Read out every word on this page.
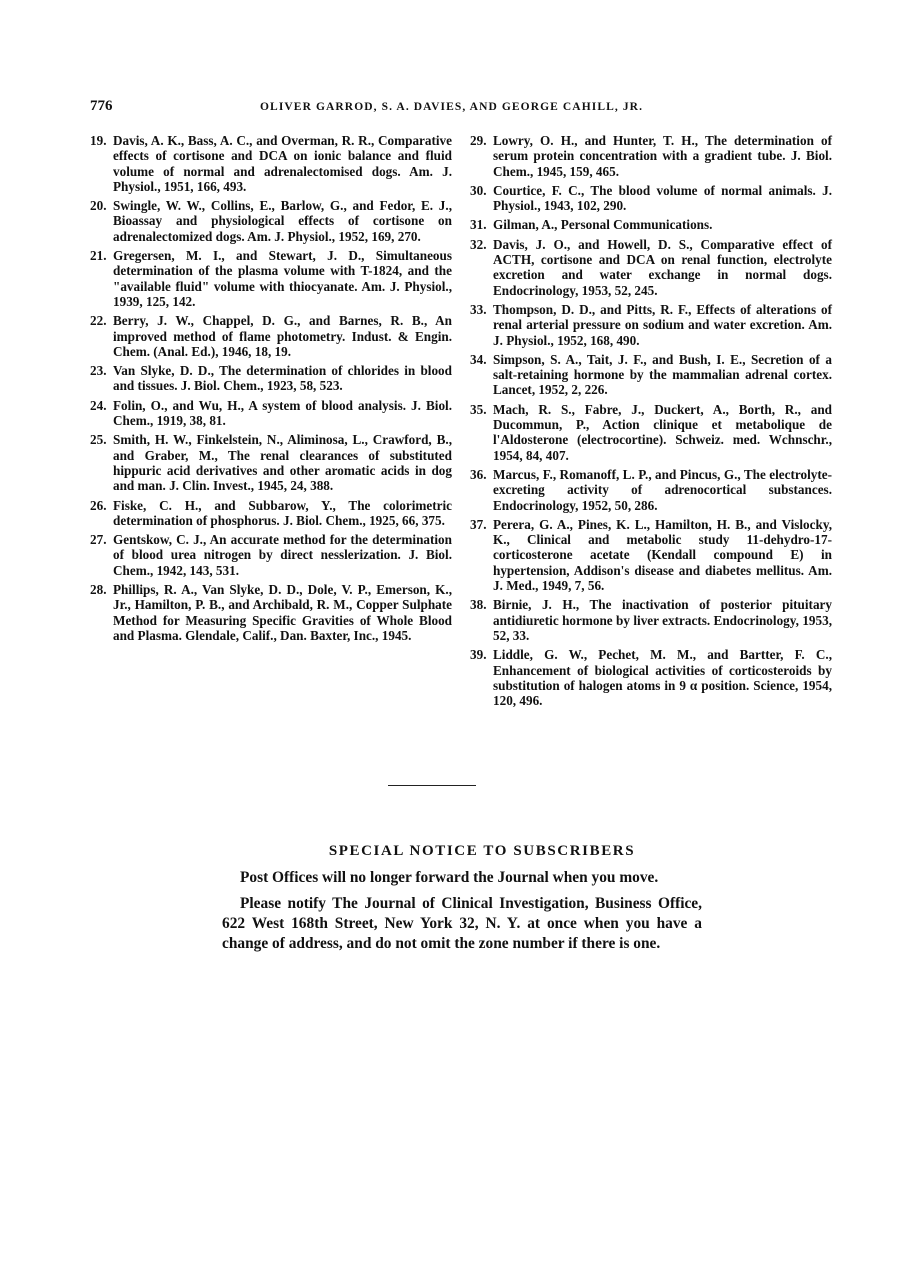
776	OLIVER GARROD, S. A. DAVIES, AND GEORGE CAHILL, JR.
19. Davis, A. K., Bass, A. C., and Overman, R. R., Comparative effects of cortisone and DCA on ionic balance and fluid volume of normal and adrenalectomised dogs. Am. J. Physiol., 1951, 166, 493.
20. Swingle, W. W., Collins, E., Barlow, G., and Fedor, E. J., Bioassay and physiological effects of cortisone on adrenalectomized dogs. Am. J. Physiol., 1952, 169, 270.
21. Gregersen, M. I., and Stewart, J. D., Simultaneous determination of the plasma volume with T-1824, and the "available fluid" volume with thiocyanate. Am. J. Physiol., 1939, 125, 142.
22. Berry, J. W., Chappel, D. G., and Barnes, R. B., An improved method of flame photometry. Indust. & Engin. Chem. (Anal. Ed.), 1946, 18, 19.
23. Van Slyke, D. D., The determination of chlorides in blood and tissues. J. Biol. Chem., 1923, 58, 523.
24. Folin, O., and Wu, H., A system of blood analysis. J. Biol. Chem., 1919, 38, 81.
25. Smith, H. W., Finkelstein, N., Aliminosa, L., Crawford, B., and Graber, M., The renal clearances of substituted hippuric acid derivatives and other aromatic acids in dog and man. J. Clin. Invest., 1945, 24, 388.
26. Fiske, C. H., and Subbarow, Y., The colorimetric determination of phosphorus. J. Biol. Chem., 1925, 66, 375.
27. Gentskow, C. J., An accurate method for the determination of blood urea nitrogen by direct nesslerization. J. Biol. Chem., 1942, 143, 531.
28. Phillips, R. A., Van Slyke, D. D., Dole, V. P., Emerson, K., Jr., Hamilton, P. B., and Archibald, R. M., Copper Sulphate Method for Measuring Specific Gravities of Whole Blood and Plasma. Glendale, Calif., Dan. Baxter, Inc., 1945.
29. Lowry, O. H., and Hunter, T. H., The determination of serum protein concentration with a gradient tube. J. Biol. Chem., 1945, 159, 465.
30. Courtice, F. C., The blood volume of normal animals. J. Physiol., 1943, 102, 290.
31. Gilman, A., Personal Communications.
32. Davis, J. O., and Howell, D. S., Comparative effect of ACTH, cortisone and DCA on renal function, electrolyte excretion and water exchange in normal dogs. Endocrinology, 1953, 52, 245.
33. Thompson, D. D., and Pitts, R. F., Effects of alterations of renal arterial pressure on sodium and water excretion. Am. J. Physiol., 1952, 168, 490.
34. Simpson, S. A., Tait, J. F., and Bush, I. E., Secretion of a salt-retaining hormone by the mammalian adrenal cortex. Lancet, 1952, 2, 226.
35. Mach, R. S., Fabre, J., Duckert, A., Borth, R., and Ducommun, P., Action clinique et metabolique de l'Aldosterone (electrocortine). Schweiz. med. Wchnschr., 1954, 84, 407.
36. Marcus, F., Romanoff, L. P., and Pincus, G., The electrolyte-excreting activity of adrenocortical substances. Endocrinology, 1952, 50, 286.
37. Perera, G. A., Pines, K. L., Hamilton, H. B., and Vislocky, K., Clinical and metabolic study 11-dehydro-17-corticosterone acetate (Kendall compound E) in hypertension, Addison's disease and diabetes mellitus. Am. J. Med., 1949, 7, 56.
38. Birnie, J. H., The inactivation of posterior pituitary antidiuretic hormone by liver extracts. Endocrinology, 1953, 52, 33.
39. Liddle, G. W., Pechet, M. M., and Bartter, F. C., Enhancement of biological activities of corticosteroids by substitution of halogen atoms in 9 α position. Science, 1954, 120, 496.
SPECIAL NOTICE TO SUBSCRIBERS

Post Offices will no longer forward the Journal when you move.

Please notify The Journal of Clinical Investigation, Business Office, 622 West 168th Street, New York 32, N. Y. at once when you have a change of address, and do not omit the zone number if there is one.
